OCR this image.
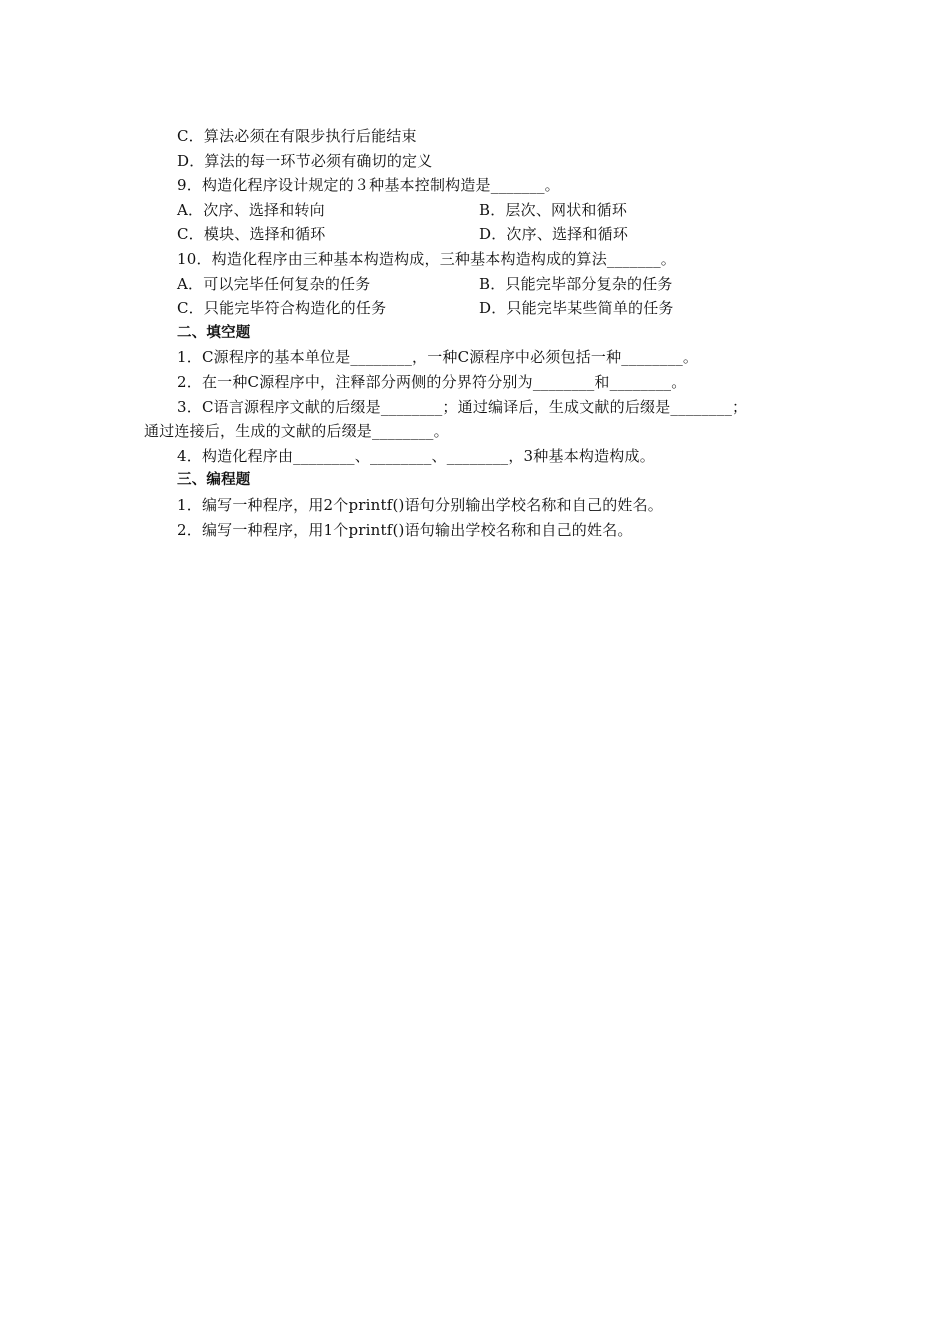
C．算法必须在有限步执行后能结束
D．算法的每一环节必须有确切的定义
9．构造化程序设计规定的３种基本控制构造是_______。
A．次序、选择和转向	B．层次、网状和循环
C．模块、选择和循环	D．次序、选择和循环
10．构造化程序由三种基本构造构成，三种基本构造构成的算法_______。
A．可以完毕任何复杂的任务	B．只能完毕部分复杂的任务
C．只能完毕符合构造化的任务	D．只能完毕某些简单的任务
二、填空题
1．C源程序的基本单位是________，一种C源程序中必须包括一种________。
2．在一种C源程序中，注释部分两侧的分界符分别为________和________。
3．C语言源程序文献的后缀是________；通过编译后，生成文献的后缀是________；
通过连接后，生成的文献的后缀是________。
4．构造化程序由________、________、________，3种基本构造构成。
三、编程题
1．编写一种程序，用2个printf()语句分别输出学校名称和自己的姓名。
2．编写一种程序，用1个printf()语句输出学校名称和自己的姓名。
